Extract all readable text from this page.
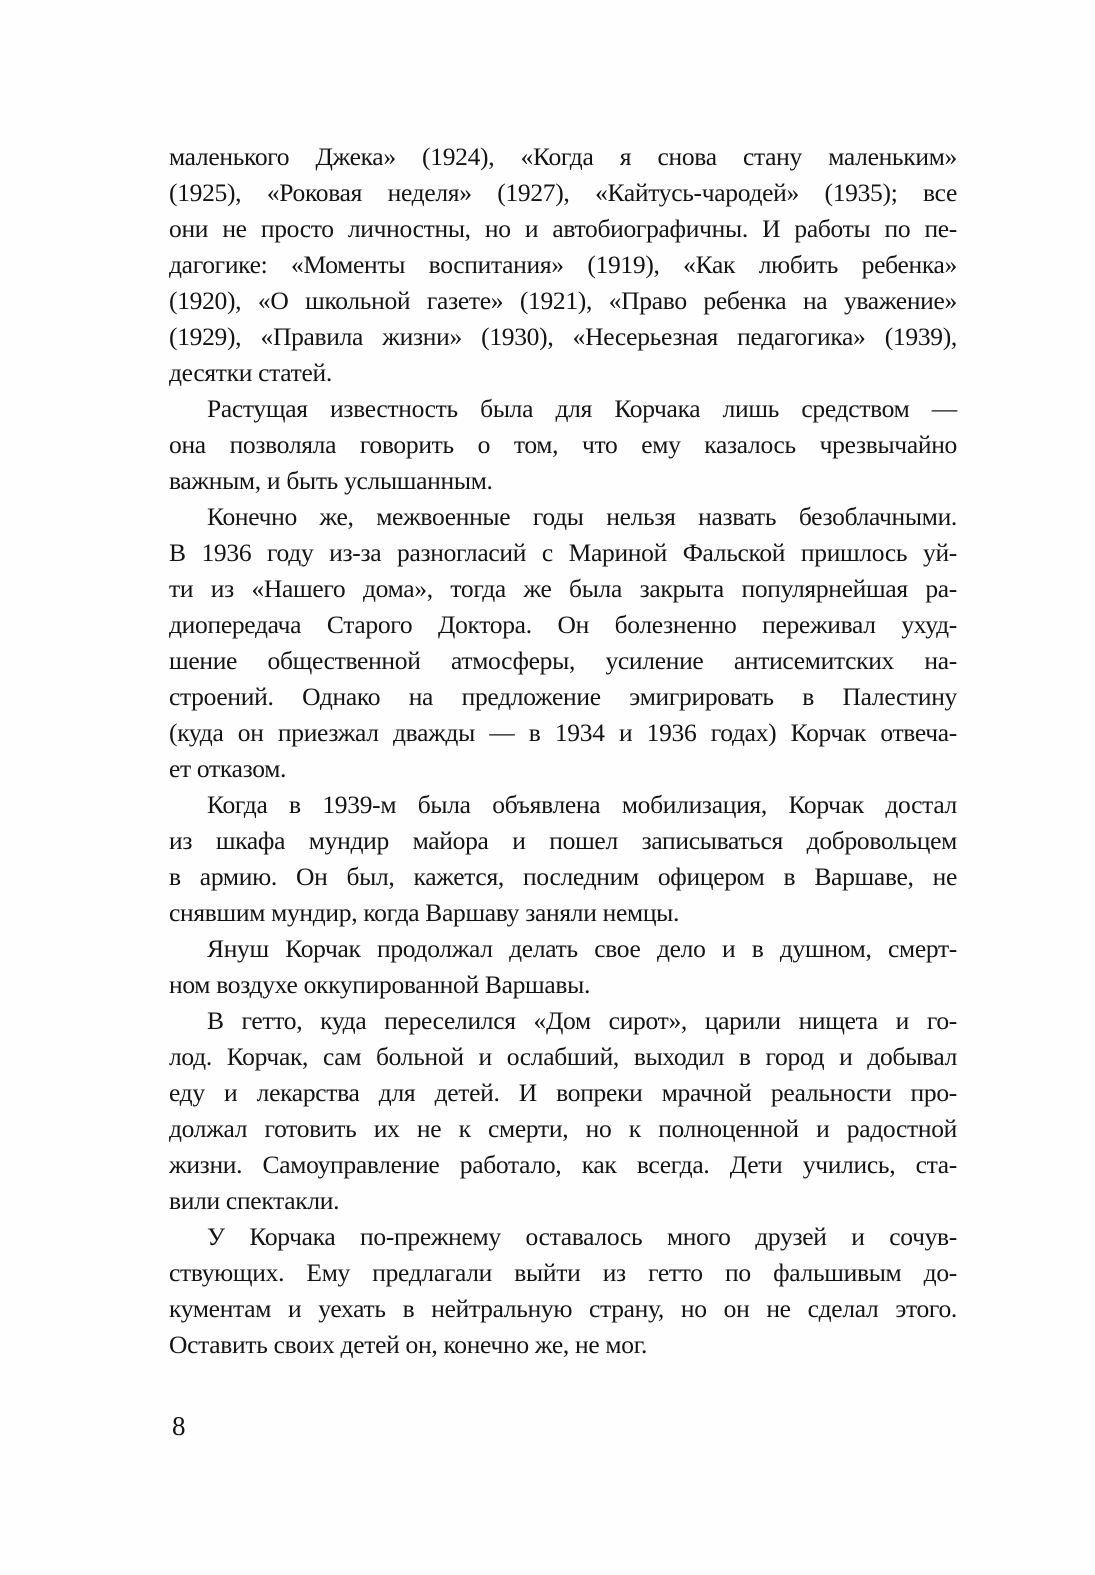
маленького Джека» (1924), «Когда я снова стану маленьким»
(1925), «Роковая неделя» (1927), «Кайтусь-чародей» (1935); все
они не просто личностны, но и автобиографичны. И работы по пе-
дагогике: «Моменты воспитания» (1919), «Как любить ребенка»
(1920), «О школьной газете» (1921), «Право ребенка на уважение»
(1929), «Правила жизни» (1930), «Несерьезная педагогика» (1939),
десятки статей.
Растущая известность была для Корчака лишь средством —
она позволяла говорить о том, что ему казалось чрезвычайно
важным, и быть услышанным.
Конечно же, межвоенные годы нельзя назвать безоблачными.
В 1936 году из-за разногласий с Мариной Фальской пришлось уй-
ти из «Нашего дома», тогда же была закрыта популярнейшая ра-
диопередача Старого Доктора. Он болезненно переживал ухуд-
шение общественной атмосферы, усиление антисемитских на-
строений. Однако на предложение эмигрировать в Палестину
(куда он приезжал дважды — в 1934 и 1936 годах) Корчак отвеча-
ет отказом.
Когда в 1939-м была объявлена мобилизация, Корчак достал
из шкафа мундир майора и пошел записываться добровольцем
в армию. Он был, кажется, последним офицером в Варшаве, не
снявшим мундир, когда Варшаву заняли немцы.
Януш Корчак продолжал делать свое дело и в душном, смерт-
ном воздухе оккупированной Варшавы.
В гетто, куда переселился «Дом сирот», царили нищета и го-
лод. Корчак, сам больной и ослабший, выходил в город и добывал
еду и лекарства для детей. И вопреки мрачной реальности про-
должал готовить их не к смерти, но к полноценной и радостной
жизни. Самоуправление работало, как всегда. Дети учились, ста-
вили спектакли.
У Корчака по-прежнему оставалось много друзей и сочув-
ствующих. Ему предлагали выйти из гетто по фальшивым до-
кументам и уехать в нейтральную страну, но он не сделал этого.
Оставить своих детей он, конечно же, не мог.
8
